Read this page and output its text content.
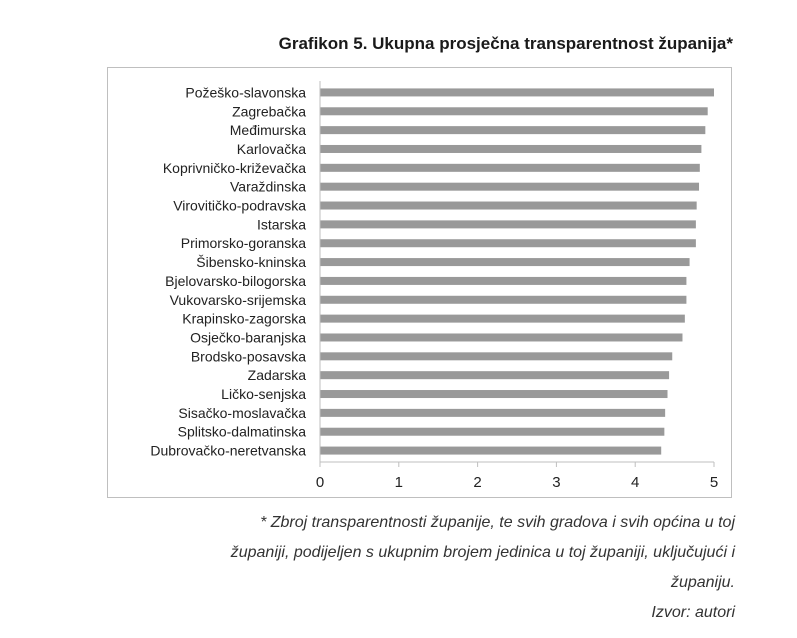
Grafikon 5. Ukupna prosječna transparentnost županija*
Požeško-slavonska
Zagrebačka
Međimurska
Karlovačka
Koprivničko-križevačka
Varaždinska
Virovitičko-podravska
Istarska
Primorsko-goranska
Šibensko-kninska
Bjelovarsko-bilogorska
Vukovarsko-srijemska
Krapinsko-zagorska
Osječko-baranjska
Brodsko-posavska
Zadarska
Ličko-senjska
Sisačko-moslavačka
Splitsko-dalmatinska
Dubrovačko-neretvanska
0	1	2	3	4	5
* Zbroj transparentnosti županije, te svih gradova i svih općina u toj
županiji, podijeljen s ukupnim brojem jedinica u toj županiji, uključujući i
županiju.
Izvor: autori
